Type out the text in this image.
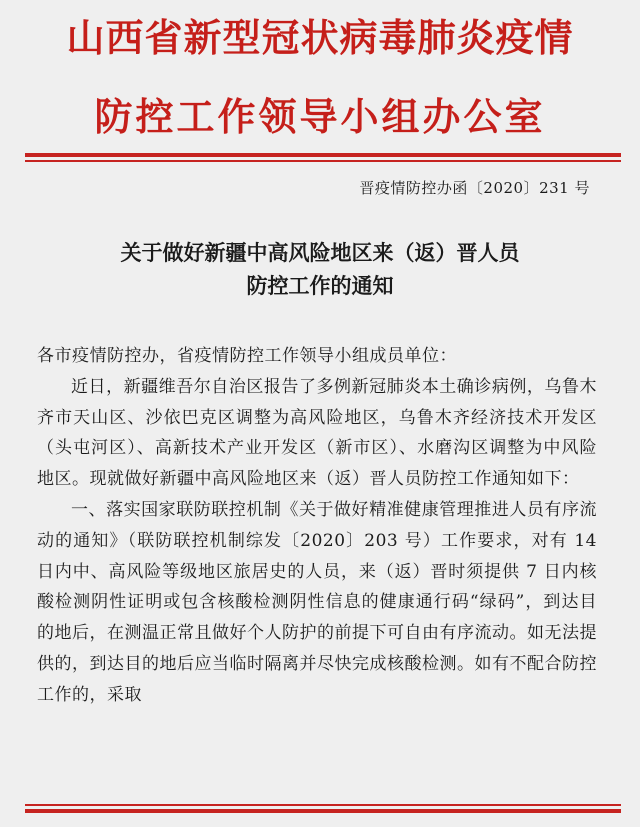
山西省新型冠状病毒肺炎疫情
防控工作领导小组办公室
晋疫情防控办函〔2020〕231 号
关于做好新疆中高风险地区来（返）晋人员
防控工作的通知

各市疫情防控办，省疫情防控工作领导小组成员单位：

近日，新疆维吾尔自治区报告了多例新冠肺炎本土确诊病例，乌鲁木齐市天山区、沙依巴克区调整为高风险地区，乌鲁木齐经济技术开发区（头屯河区）、高新技术产业开发区（新市区）、水磨沟区调整为中风险地区。现就做好新疆中高风险地区来（返）晋人员防控工作通知如下：

一、落实国家联防联控机制《关于做好精准健康管理推进人员有序流动的通知》（联防联控机制综发〔2020〕203 号）工作要求，对有 14 日内中、高风险等级地区旅居史的人员，来（返）晋时须提供 7 日内核酸检测阴性证明或包含核酸检测阴性信息的健康通行码“绿码”，到达目的地后，在测温正常且做好个人防护的前提下可自由有序流动。如无法提供的，到达目的地后应当临时隔离并尽快完成核酸检测。如有不配合防控工作的，采取
